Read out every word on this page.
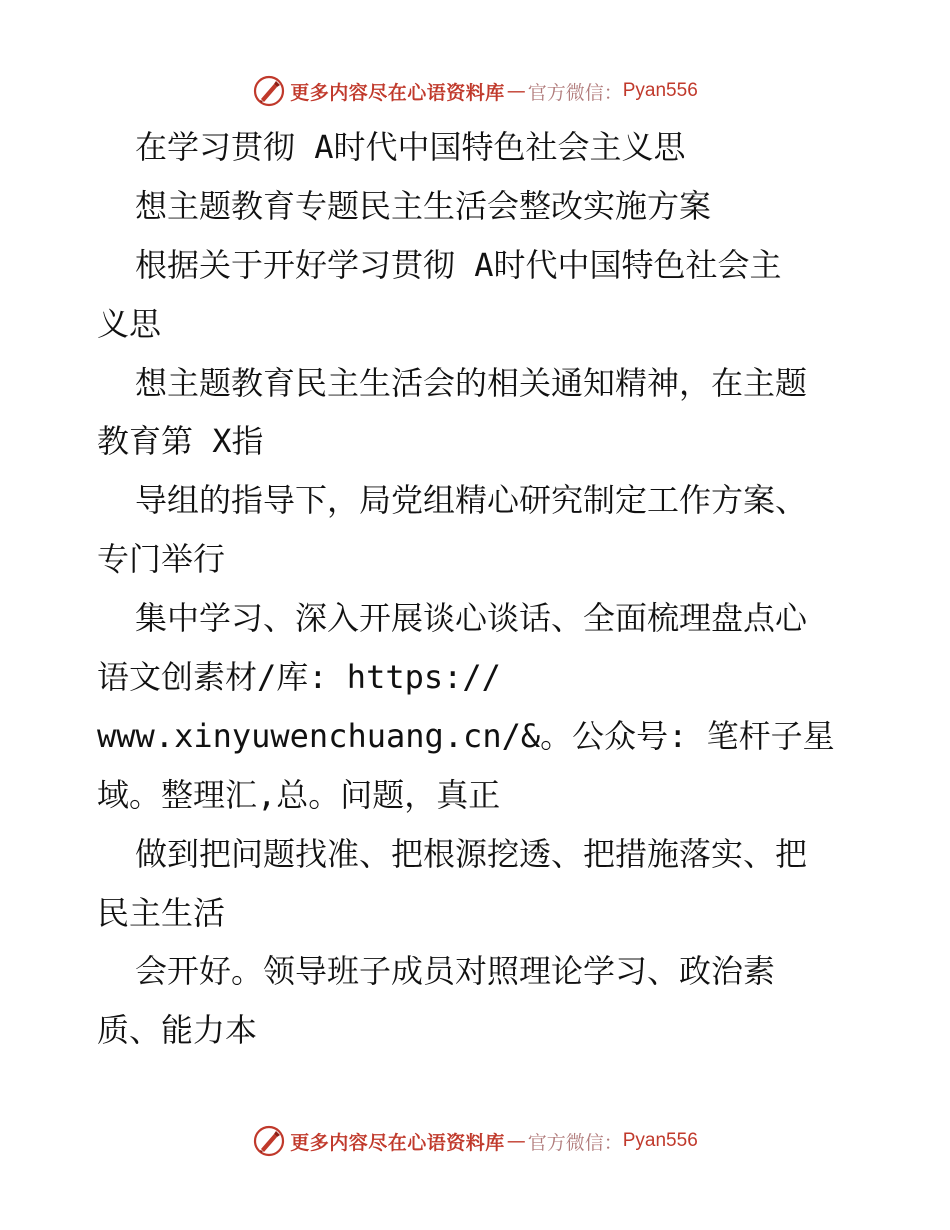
更多内容尽在心语资料库 — 官方微信： Pyan556
在学习贯彻 A时代中国特色社会主义思
想主题教育专题民主生活会整改实施方案
根据关于开好学习贯彻 A时代中国特色社会主
义思
想主题教育民主生活会的相关通知精神，在主题
教育第 X指
导组的指导下，局党组精心研究制定工作方案、
专门举行
集中学习、深入开展谈心谈话、全面梳理盘点心
语文创素材/库: https://
www.xinyuwenchuang.cn/&。公众号: 笔杆子星
域。整理汇,总。问题，真正
做到把问题找准、把根源挖透、把措施落实、把
民主生活
会开好。领导班子成员对照理论学习、政治素
质、能力本
更多内容尽在心语资料库 — 官方微信： Pyan556
